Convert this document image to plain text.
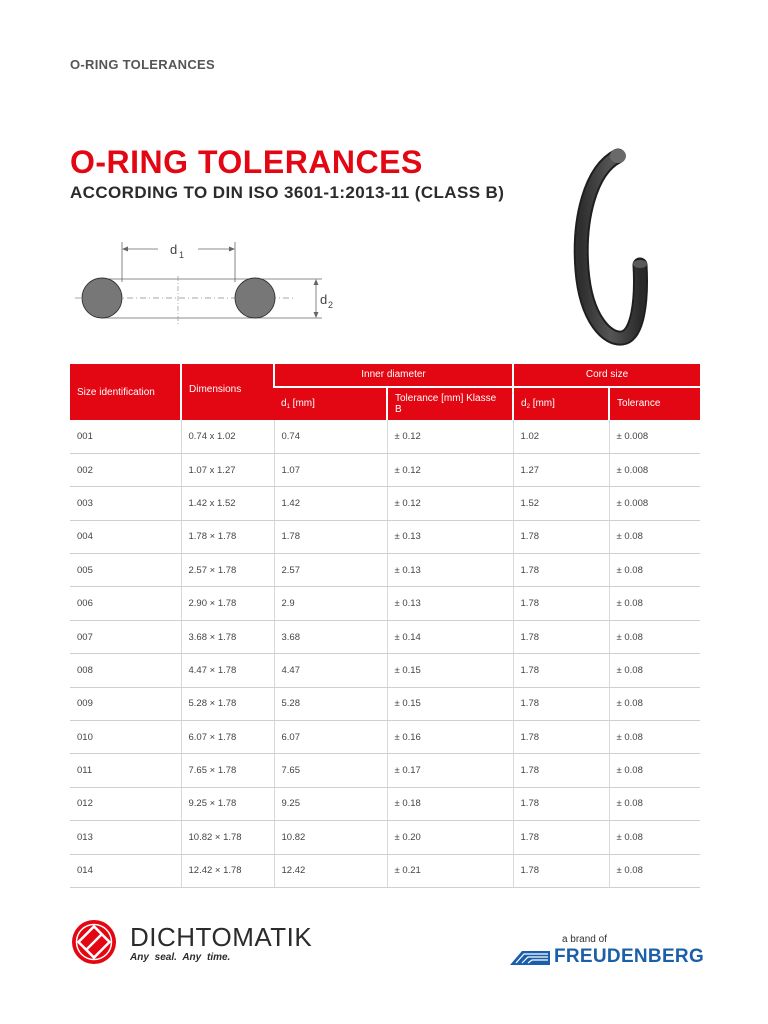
O-RING TOLERANCES
O-RING TOLERANCES
ACCORDING TO DIN ISO 3601-1:2013-11 (CLASS B)
d 1
d 2
Size identification	Dimensions	Inner diameter		Cord size	
		$d_1$ [mm]	Tolerance [mm] Klasse B	$d_2$ [mm]	Tolerance
001	0.74 x 1.02	0.74	± 0.12	1.02	± 0.008
002	1.07 x 1.27	1.07	± 0.12	1.27	± 0.008
003	1.42 x 1.52	1.42	± 0.12	1.52	± 0.008
004	1.78 × 1.78	1.78	± 0.13	1.78	± 0.08
005	2.57 × 1.78	2.57	± 0.13	1.78	± 0.08
006	2.90 × 1.78	2.9	± 0.13	1.78	± 0.08
007	3.68 × 1.78	3.68	± 0.14	1.78	± 0.08
008	4.47 × 1.78	4.47	± 0.15	1.78	± 0.08
009	5.28 × 1.78	5.28	± 0.15	1.78	± 0.08
010	6.07 × 1.78	6.07	± 0.16	1.78	± 0.08
011	7.65 × 1.78	7.65	± 0.17	1.78	± 0.08
012	9.25 × 1.78	9.25	± 0.18	1.78	± 0.08
013	10.82 × 1.78	10.82	± 0.20	1.78	± 0.08
014	12.42 × 1.78	12.42	± 0.21	1.78	± 0.08
DICHTOMATIK
Any seal. Any time.
a brand of
FREUDENBERG
